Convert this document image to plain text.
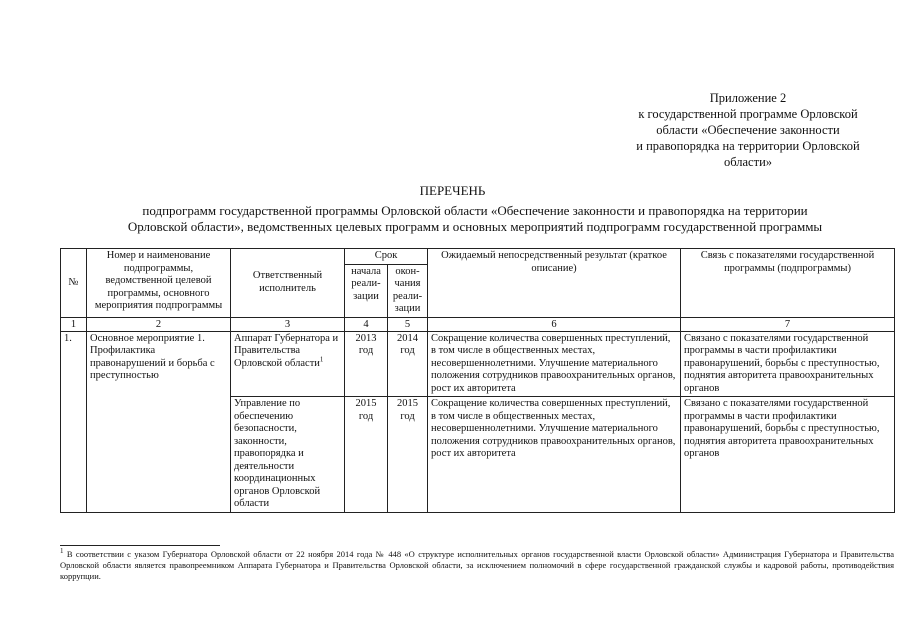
Приложение 2
к государственной программе Орловской
области «Обеспечение законности
и правопорядка на территории Орловской
области»
ПЕРЕЧЕНЬ
подпрограмм государственной программы Орловской области «Обеспечение законности и правопорядка на территории
Орловской области», ведомственных целевых программ и основных мероприятий подпрограмм государственной программы
№	Номер и наименование подпрограммы, ведомственной целевой программы, основного мероприятия подпрограммы	Ответственный исполнитель	Срок		Ожидаемый непосредственный результат (краткое описание)	Связь с показателями государственной программы (подпрограммы)
			начала реали-зации	окон-чания реали-зации		
1	2	3	4	5	6	7
1.	Основное мероприятие 1. Профилактика правонарушений и борьба с преступностью	Аппарат Губернатора и Правительства Орловской области$^1$	2013 год	2014 год	Сокращение количества совершенных преступлений, в том числе в общественных местах, несовершеннолетними. Улучшение материального положения сотрудников правоохранительных органов, рост их авторитета	Связано с показателями государственной программы в части профилактики правонарушений, борьбы с преступностью, поднятия авторитета правоохранительных органов
		Управление по обеспечению безопасности, законности, правопорядка и деятельности координационных органов Орловской области	2015 год	2015 год	Сокращение количества совершенных преступлений, в том числе в общественных местах, несовершеннолетними. Улучшение материального положения сотрудников правоохранительных органов, рост их авторитета	Связано с показателями государственной программы в части профилактики правонарушений, борьбы с преступностью, поднятия авторитета правоохранительных органов
$^1$ В соответствии с указом Губернатора Орловской области от 22 ноября 2014 года № 448 «О структуре исполнительных органов государственной власти Орловской области» Администрация Губернатора и Правительства Орловской области является правопреемником Аппарата Губернатора и Правительства Орловской области, за исключением полномочий в сфере государственной гражданской службы и кадровой работы, противодействия коррупции.
